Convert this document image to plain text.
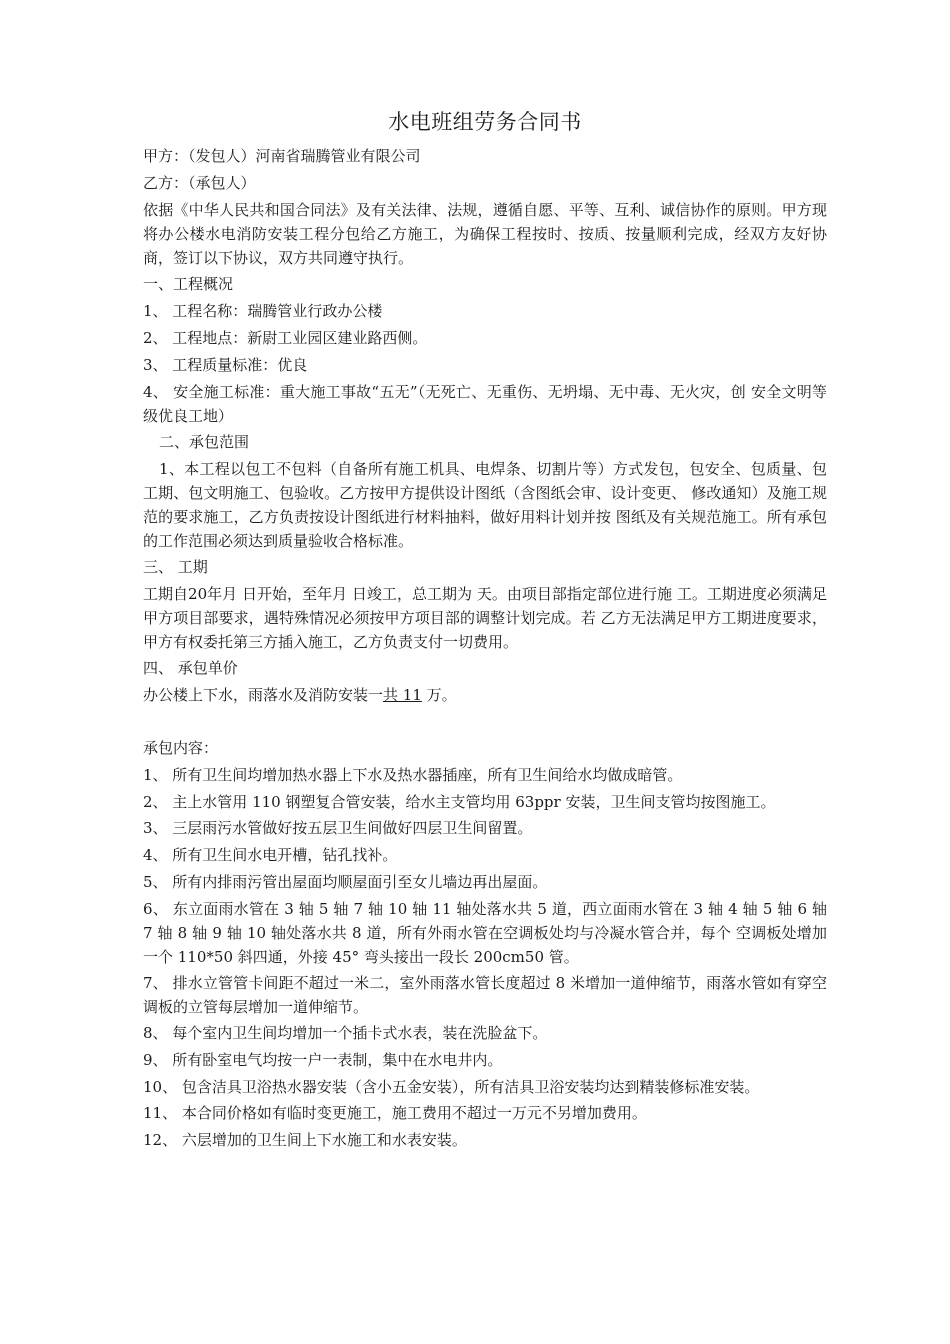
水电班组劳务合同书
甲方：（发包人）河南省瑞腾管业有限公司
乙方：（承包人）
依据《中华人民共和国合同法》及有关法律、法规，遵循自愿、平等、互利、诚信协作的原则。甲方现将办公楼水电消防安装工程分包给乙方施工，为确保工程按时、按质、按量顺利完成，经双方友好协商，签订以下协议，双方共同遵守执行。
一、工程概况
1、 工程名称：瑞腾管业行政办公楼
2、 工程地点：新尉工业园区建业路西侧。
3、 工程质量标准：优良
4、 安全施工标准：重大施工事故“五无”（无死亡、无重伤、无坍塌、无中毒、无火灾，创 安全文明等级优良工地）
二、承包范围
1、本工程以包工不包料（自备所有施工机具、电焊条、切割片等）方式发包，包安全、包质量、包工期、包文明施工、包验收。乙方按甲方提供设计图纸（含图纸会审、设计变更、 修改通知）及施工规范的要求施工，乙方负责按设计图纸进行材料抽料，做好用料计划并按 图纸及有关规范施工。所有承包的工作范围必须达到质量验收合格标准。
三、 工期
工期自20年月 日开始，至年月 日竣工，总工期为 天。由项目部指定部位进行施 工。工期进度必须满足甲方项目部要求，遇特殊情况必须按甲方项目部的调整计划完成。若 乙方无法满足甲方工期进度要求，甲方有权委托第三方插入施工，乙方负责支付一切费用。
四、 承包单价
办公楼上下水，雨落水及消防安装一共 11 万。
承包内容：
1、 所有卫生间均增加热水器上下水及热水器插座，所有卫生间给水均做成暗管。
2、 主上水管用 110 钢塑复合管安装，给水主支管均用 63ppr 安装，卫生间支管均按图施工。
3、 三层雨污水管做好按五层卫生间做好四层卫生间留置。
4、 所有卫生间水电开槽，钻孔找补。
5、 所有内排雨污管出屋面均顺屋面引至女儿墙边再出屋面。
6、 东立面雨水管在 3 轴 5 轴 7 轴 10 轴 11 轴处落水共 5 道，西立面雨水管在 3 轴 4 轴 5 轴 6 轴 7 轴 8 轴 9 轴 10 轴处落水共 8 道，所有外雨水管在空调板处均与冷凝水管合并，每个 空调板处增加一个 110*50 斜四通，外接 45° 弯头接出一段长 200cm50 管。
7、 排水立管管卡间距不超过一米二，室外雨落水管长度超过 8 米增加一道伸缩节，雨落水管如有穿空调板的立管每层增加一道伸缩节。
8、 每个室内卫生间均增加一个插卡式水表，装在洗脸盆下。
9、 所有卧室电气均按一户一表制，集中在水电井内。
10、 包含洁具卫浴热水器安装（含小五金安装），所有洁具卫浴安装均达到精装修标准安装。
11、 本合同价格如有临时变更施工，施工费用不超过一万元不另增加费用。
12、 六层增加的卫生间上下水施工和水表安装。
